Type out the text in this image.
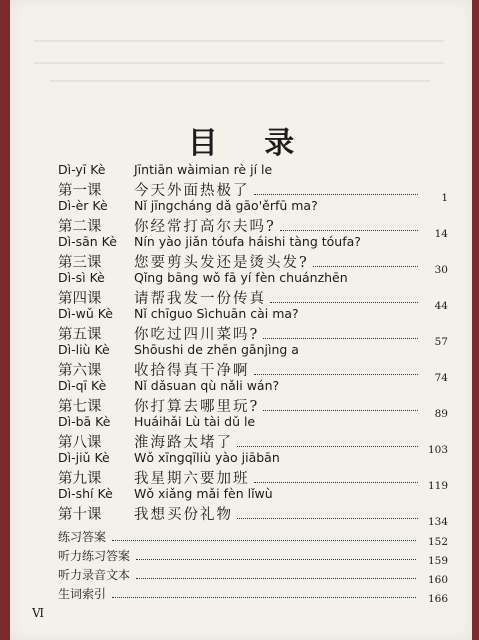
目 录
Dì-yī Kè Jīntiān wàimian rè jí le
第一课	今天外面热极了	1
Dì-èr Kè Nǐ jīngcháng dǎ gāo'ěrfū ma?
第二课	你经常打高尔夫吗?	14
Dì-sān Kè Nín yào jiǎn tóufa háishi tàng tóufa?
第三课	您要剪头发还是烫头发?	30
Dì-sì Kè Qǐng bāng wǒ fā yí fèn chuánzhēn
第四课	请帮我发一份传真	44
Dì-wǔ Kè Nǐ chīguo Sìchuān cài ma?
第五课	你吃过四川菜吗?	57
Dì-liù Kè Shōushi de zhēn gānjìng a
第六课	收拾得真干净啊	74
Dì-qī Kè Nǐ dǎsuan qù nǎli wán?
第七课	你打算去哪里玩?	89
Dì-bā Kè Huáihǎi Lù tài dǔ le
第八课	淮海路太堵了	103
Dì-jiǔ Kè Wǒ xīngqīliù yào jiābān
第九课	我星期六要加班	119
Dì-shí Kè Wǒ xiǎng mǎi fèn lǐwù
第十课	我想买份礼物	134
练习答案	152
听力练习答案	159
听力录音文本	160
生词索引	166
Ⅵ
